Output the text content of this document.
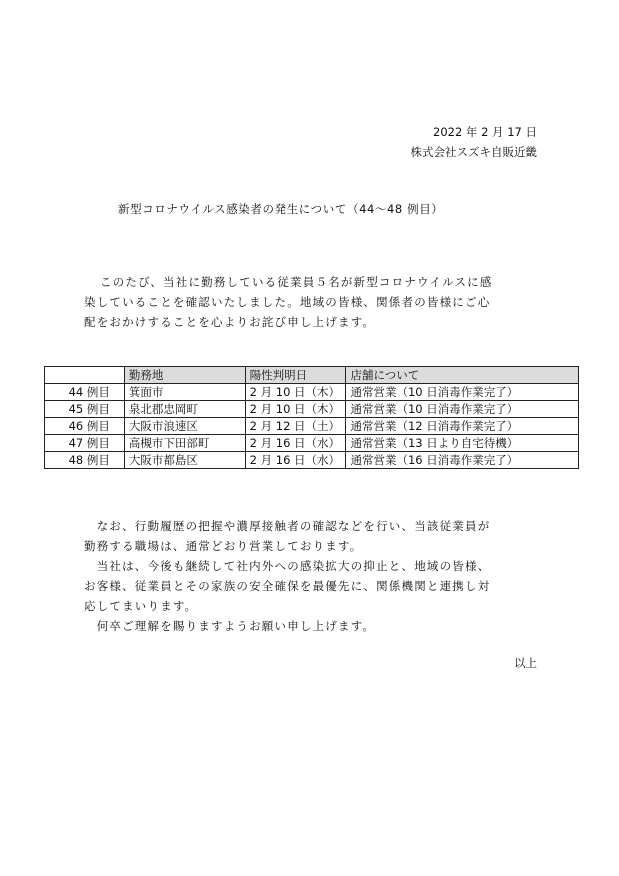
2022 年 2 月 17 日
株式会社スズキ自販近畿
新型コロナウイルス感染者の発生について（44～48 例目）
このたび、当社に勤務している従業員５名が新型コロナウイルスに感
染していることを確認いたしました。地域の皆様、関係者の皆様にご心
配をおかけすることを心よりお詫び申し上げます。
	勤務地	陽性判明日	店舗について
44 例目	箕面市	2 月 10 日（木）	通常営業（10 日消毒作業完了）
45 例目	泉北郡忠岡町	2 月 10 日（木）	通常営業（10 日消毒作業完了）
46 例目	大阪市浪速区	2 月 12 日（土）	通常営業（12 日消毒作業完了）
47 例目	高槻市下田部町	2 月 16 日（水）	通常営業（13 日より自宅待機）
48 例目	大阪市都島区	2 月 16 日（水）	通常営業（16 日消毒作業完了）
　なお、行動履歴の把握や濃厚接触者の確認などを行い、当該従業員が
勤務する職場は、通常どおり営業しております。
　当社は、今後も継続して社内外への感染拡大の抑止と、地域の皆様、
お客様、従業員とその家族の安全確保を最優先に、関係機関と連携し対
応してまいります。
　何卒ご理解を賜りますようお願い申し上げます。
以上
